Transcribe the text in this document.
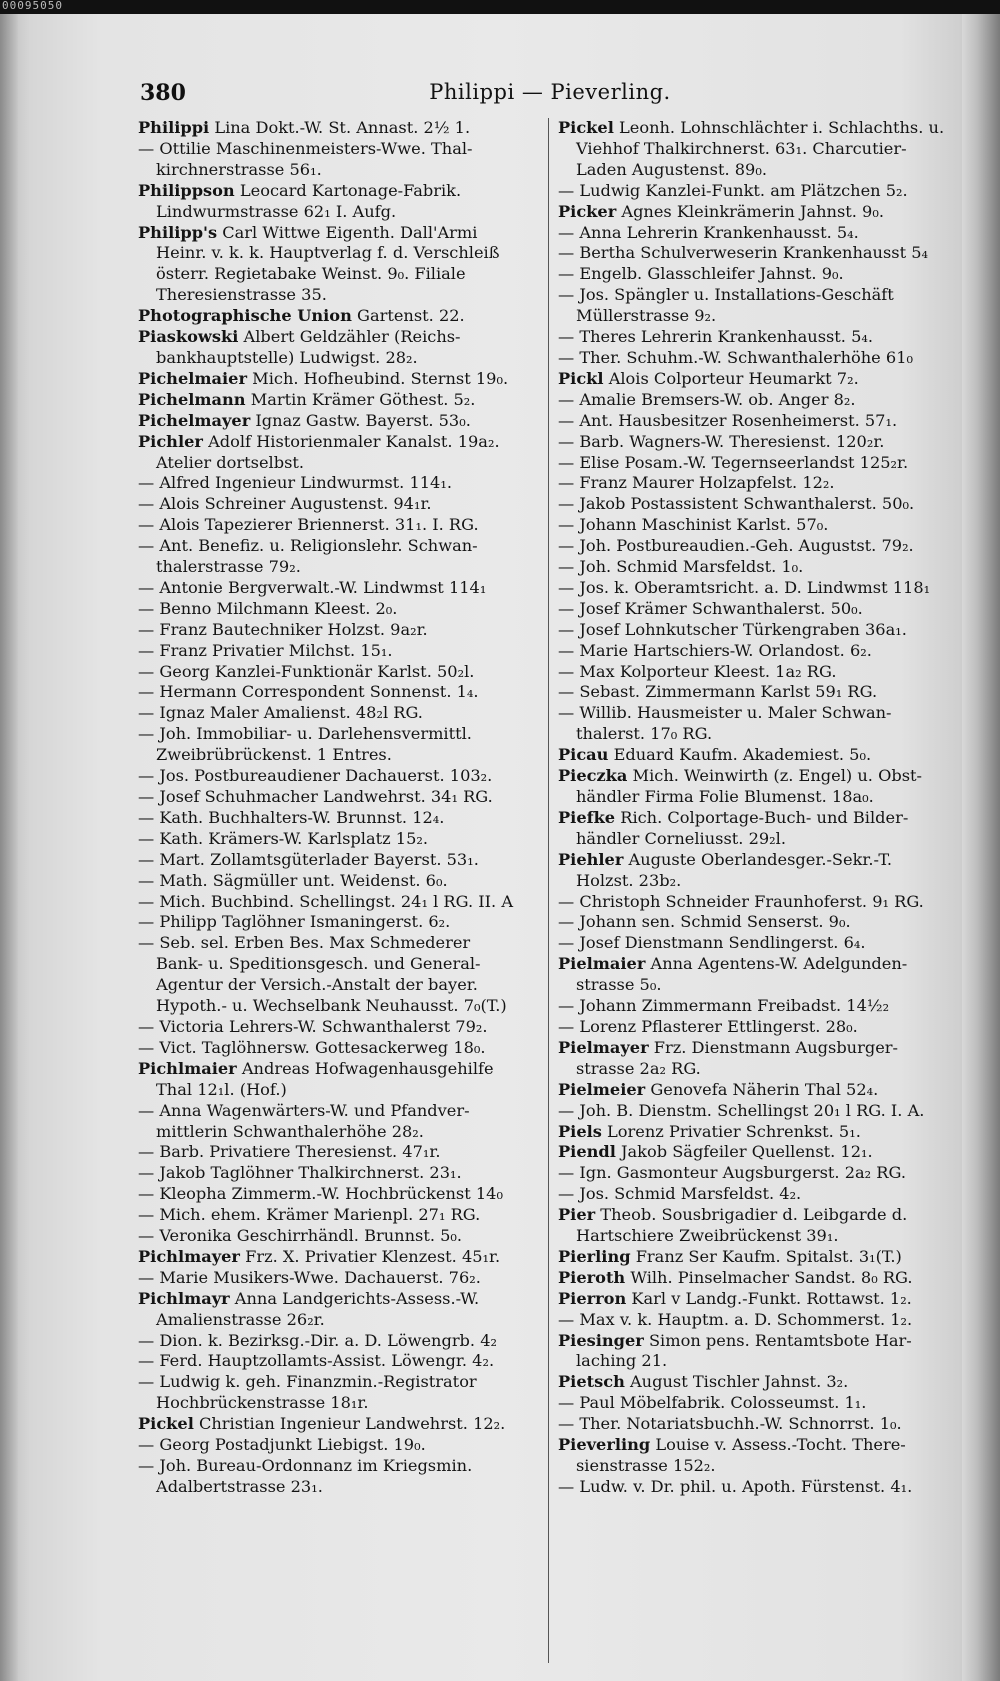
00095050
380	Philippi — Pieverling.
Philippi Lina Dokt.-W. St. Annast. 2½ 1.
— Ottilie Maschinenmeisters-Wwe. Thal-
kirchnerstrasse 56₁.
Philippson Leocard Kartonage-Fabrik.
Lindwurmstrasse 62₁ I. Aufg.
Philipp's Carl Wittwe Eigenth. Dall'Armi
Heinr. v. k. k. Hauptverlag f. d. Verschleiß
österr. Regietabake Weinst. 9₀. Filiale
Theresienstrasse 35.
Photographische Union Gartenst. 22.
Piaskowski Albert Geldzähler (Reichs-
bankhauptstelle) Ludwigst. 28₂.
Pichelmaier Mich. Hofheubind. Sternst 19₀.
Pichelmann Martin Krämer Göthest. 5₂.
Pichelmayer Ignaz Gastw. Bayerst. 53₀.
Pichler Adolf Historienmaler Kanalst. 19a₂.
Atelier dortselbst.
— Alfred Ingenieur Lindwurmst. 114₁.
— Alois Schreiner Augustenst. 94₁r.
— Alois Tapezierer Briennerst. 31₁. I. RG.
— Ant. Benefiz. u. Religionslehr. Schwan-
thalerstrasse 79₂.
— Antonie Bergverwalt.-W. Lindwmst 114₁
— Benno Milchmann Kleest. 2₀.
— Franz Bautechniker Holzst. 9a₂r.
— Franz Privatier Milchst. 15₁.
— Georg Kanzlei-Funktionär Karlst. 50₂l.
— Hermann Correspondent Sonnenst. 1₄.
— Ignaz Maler Amalienst. 48₂l RG.
— Joh. Immobiliar- u. Darlehensvermittl.
Zweibrübrückenst. 1 Entres.
— Jos. Postbureaudiener Dachauerst. 103₂.
— Josef Schuhmacher Landwehrst. 34₁ RG.
— Kath. Buchhalters-W. Brunnst. 12₄.
— Kath. Krämers-W. Karlsplatz 15₂.
— Mart. Zollamtsgüterlader Bayerst. 53₁.
— Math. Sägmüller unt. Weidenst. 6₀.
— Mich. Buchbind. Schellingst. 24₁ l RG. II. A
— Philipp Taglöhner Ismaningerst. 6₂.
— Seb. sel. Erben Bes. Max Schmederer
Bank- u. Speditionsgesch. und General-
Agentur der Versich.-Anstalt der bayer.
Hypoth.- u. Wechselbank Neuhausst. 7₀(T.)
— Victoria Lehrers-W. Schwanthalerst 79₂.
— Vict. Taglöhnersw. Gottesackerweg 18₀.
Pichlmaier Andreas Hofwagenhausgehilfe
Thal 12₁l. (Hof.)
— Anna Wagenwärters-W. und Pfandver-
mittlerin Schwanthalerhöhe 28₂.
— Barb. Privatiere Theresienst. 47₁r.
— Jakob Taglöhner Thalkirchnerst. 23₁.
— Kleopha Zimmerm.-W. Hochbrückenst 14₀
— Mich. ehem. Krämer Marienpl. 27₁ RG.
— Veronika Geschirrhändl. Brunnst. 5₀.
Pichlmayer Frz. X. Privatier Klenzest. 45₁r.
— Marie Musikers-Wwe. Dachauerst. 76₂.
Pichlmayr Anna Landgerichts-Assess.-W.
Amalienstrasse 26₂r.
— Dion. k. Bezirksg.-Dir. a. D. Löwengrb. 4₂
— Ferd. Hauptzollamts-Assist. Löwengr. 4₂.
— Ludwig k. geh. Finanzmin.-Registrator
Hochbrückenstrasse 18₁r.
Pickel Christian Ingenieur Landwehrst. 12₂.
— Georg Postadjunkt Liebigst. 19₀.
— Joh. Bureau-Ordonnanz im Kriegsmin.
Adalbertstrasse 23₁.
Pickel Leonh. Lohnschlächter i. Schlachths. u.
Viehhof Thalkirchnerst. 63₁. Charcutier-
Laden Augustenst. 89₀.
— Ludwig Kanzlei-Funkt. am Plätzchen 5₂.
Picker Agnes Kleinkrämerin Jahnst. 9₀.
— Anna Lehrerin Krankenhausst. 5₄.
— Bertha Schulverweserin Krankenhausst 5₄
— Engelb. Glasschleifer Jahnst. 9₀.
— Jos. Spängler u. Installations-Geschäft
Müllerstrasse 9₂.
— Theres Lehrerin Krankenhausst. 5₄.
— Ther. Schuhm.-W. Schwanthalerhöhe 61₀
Pickl Alois Colporteur Heumarkt 7₂.
— Amalie Bremsers-W. ob. Anger 8₂.
— Ant. Hausbesitzer Rosenheimerst. 57₁.
— Barb. Wagners-W. Theresienst. 120₂r.
— Elise Posam.-W. Tegernseerlandst 125₂r.
— Franz Maurer Holzapfelst. 12₂.
— Jakob Postassistent Schwanthalerst. 50₀.
— Johann Maschinist Karlst. 57₀.
— Joh. Postbureaudien.-Geh. Augustst. 79₂.
— Joh. Schmid Marsfeldst. 1₀.
— Jos. k. Oberamtsricht. a. D. Lindwmst 118₁
— Josef Krämer Schwanthalerst. 50₀.
— Josef Lohnkutscher Türkengraben 36a₁.
— Marie Hartschiers-W. Orlandost. 6₂.
— Max Kolporteur Kleest. 1a₂ RG.
— Sebast. Zimmermann Karlst 59₁ RG.
— Willib. Hausmeister u. Maler Schwan-
thalerst. 17₀ RG.
Picau Eduard Kaufm. Akademiest. 5₀.
Pieczka Mich. Weinwirth (z. Engel) u. Obst-
händler Firma Folie Blumenst. 18a₀.
Piefke Rich. Colportage-Buch- und Bilder-
händler Corneliusst. 29₂l.
Piehler Auguste Oberlandesger.-Sekr.-T.
Holzst. 23b₂.
— Christoph Schneider Fraunhoferst. 9₁ RG.
— Johann sen. Schmid Senserst. 9₀.
— Josef Dienstmann Sendlingerst. 6₄.
Pielmaier Anna Agentens-W. Adelgunden-
strasse 5₀.
— Johann Zimmermann Freibadst. 14½₂
— Lorenz Pflasterer Ettlingerst. 28₀.
Pielmayer Frz. Dienstmann Augsburger-
strasse 2a₂ RG.
Pielmeier Genovefa Näherin Thal 52₄.
— Joh. B. Dienstm. Schellingst 20₁ l RG. I. A.
Piels Lorenz Privatier Schrenkst. 5₁.
Piendl Jakob Sägfeiler Quellenst. 12₁.
— Ign. Gasmonteur Augsburgerst. 2a₂ RG.
— Jos. Schmid Marsfeldst. 4₂.
Pier Theob. Sousbrigadier d. Leibgarde d.
Hartschiere Zweibrückenst 39₁.
Pierling Franz Ser Kaufm. Spitalst. 3₁(T.)
Pieroth Wilh. Pinselmacher Sandst. 8₀ RG.
Pierron Karl v Landg.-Funkt. Rottawst. 1₂.
— Max v. k. Hauptm. a. D. Schommerst. 1₂.
Piesinger Simon pens. Rentamtsbote Har-
laching 21.
Pietsch August Tischler Jahnst. 3₂.
— Paul Möbelfabrik. Colosseumst. 1₁.
— Ther. Notariatsbuchh.-W. Schnorrst. 1₀.
Pieverling Louise v. Assess.-Tocht. There-
sienstrasse 152₂.
— Ludw. v. Dr. phil. u. Apoth. Fürstenst. 4₁.
